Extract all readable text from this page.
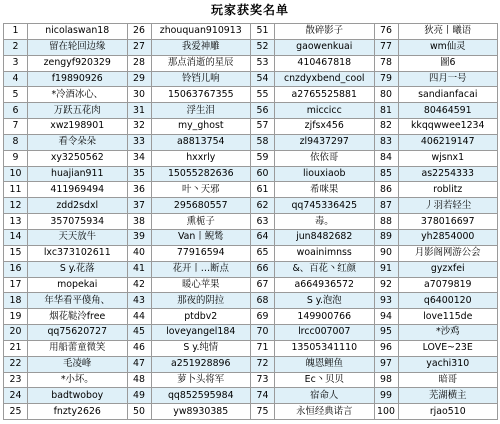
玩家获奖名单
1	nicolaswan18	26	zhouquan910913	51	散碎影子	76	狄亮丨曦语
2	留在轮回边缘	27	我爱神雕	52	gaowenkuai	77	wm仙灵
3	zengyf920329	28	那点消逝的星辰	53	410467818	78	圖6
4	f19890926	29	铃铛儿响	54	cnzdyxbend_cool	79	四月一号
5	*冷酒冰心、	30	15063767355	55	a2765525881	80	sandianfacai
6	万跃五花肉	31	浮生泪	56	miccicc	81	80464591
7	xwz198901	32	my_ghost	57	zjfsx456	82	kkqqwwee1234
8	看令朵朵	33	a8813754	58	zl9437297	83	406219147
9	xy3250562	34	hxxrly	59	依依哥	84	wjsnx1
10	huajian911	35	15055282636	60	liouxiaob	85	as2254333
11	411969494	36	叶丶天邪	61	希咪果	86	roblitz
12	zdd2sdxl	37	295680557	62	qq745336425	87	丿羽若轻尘
13	357075934	38	熏栀子	63	毒。	88	378016697
14	天天放牛	39	Van丨鲵鸶	64	jun8482682	89	yh2854000
15	lxc373102611	40	77916594	65	woainimnss	90	月影阁网游公会
16	S y.花落	41	花开丨…断点	66	&、百花丶红颜	91	gyzxfei
17	mopekai	42	暖心苹果	67	a664936572	92	a7079819
18	年华看平傻角、	43	那夜的阴拉	68	S y.泡泡	93	q6400120
19	烟花鞑泠free	44	ptdbv2	69	149900766	94	love115de
20	qq75620727	45	loveyangel184	70	lrcc007007	95	*沙鸡
21	用船蕾童微笑	46	S y.纯情	71	13505341110	96	LOVE~23E
22	毛凌峰	47	a251928896	72	魄恩鲤鱼	97	yachi310
23	*小坏。	48	萝卜头将军	73	Ec丶贝贝	98	暗哥
24	badtwoboy	49	qq852595984	74	宿命人	99	芜湖横主
25	fnzty2626	50	yw8930385	75	永恒经典诺言	100	rjao510
